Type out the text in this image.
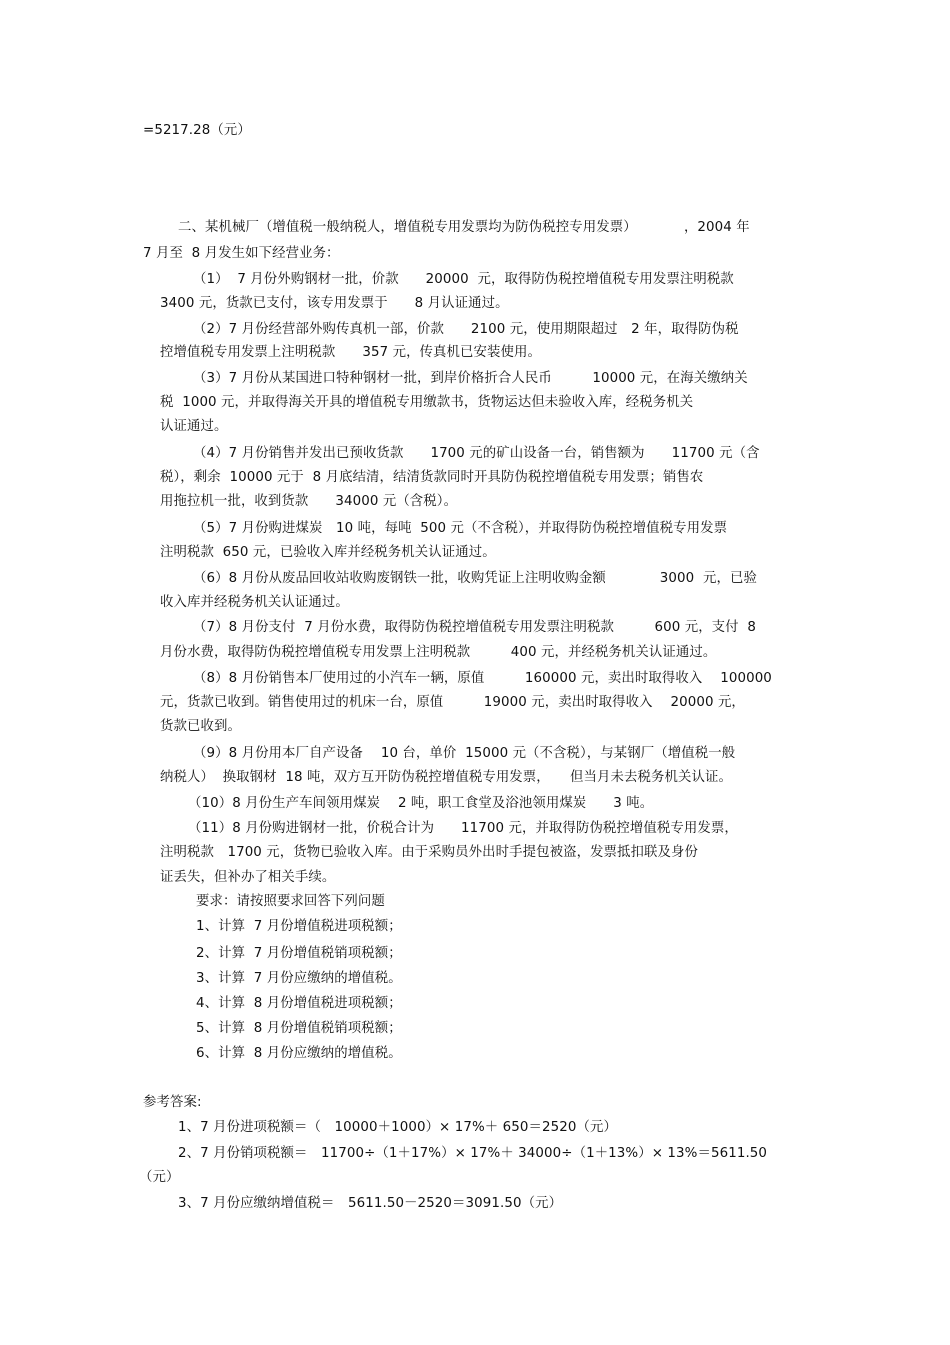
=5217.28（元）

二、某机械厂（增值税一般纳税人，增值税专用发票均为防伪税控专用发票）　　　　，2004 年

7 月至  8 月发生如下经营业务：

（1）  7 月份外购钢材一批，价款　　20000  元，取得防伪税控增值税专用发票注明税款

3400 元，货款已支付，该专用发票于　　8 月认证通过。

（2）7 月份经营部外购传真机一部，价款　　2100 元，使用期限超过　2 年，取得防伪税

控增值税专用发票上注明税款　　357 元，传真机已安装使用。

（3）7 月份从某国进口特种钢材一批，到岸价格折合人民币　　　10000 元，在海关缴纳关

税  1000 元，并取得海关开具的增值税专用缴款书，货物运达但未验收入库，经税务机关

认证通过。

（4）7 月份销售并发出已预收货款　　1700 元的矿山设备一台，销售额为　　11700 元（含

税），剩余  10000 元于  8 月底结清，结清货款同时开具防伪税控增值税专用发票；销售农

用拖拉机一批，收到货款　　34000 元（含税）。

（5）7 月份购进煤炭　10 吨，每吨  500 元（不含税），并取得防伪税控增值税专用发票

注明税款  650 元，已验收入库并经税务机关认证通过。

（6）8 月份从废品回收站收购废钢铁一批，收购凭证上注明收购金额　　　　3000  元，已验

收入库并经税务机关认证通过。

（7）8 月份支付  7 月份水费，取得防伪税控增值税专用发票注明税款　　　600 元，支付  8

月份水费，取得防伪税控增值税专用发票上注明税款　　　400 元，并经税务机关认证通过。

（8）8 月份销售本厂使用过的小汽车一辆，原值　　　160000 元，卖出时取得收入　 100000

元，货款已收到。销售使用过的机床一台，原值　　　19000 元，卖出时取得收入　 20000 元，

货款已收到。

（9）8 月份用本厂自产设备　 10 台，单价  15000 元（不含税），与某钢厂（增值税一般

纳税人）  换取钢材  18 吨，双方互开防伪税控增值税专用发票，　　但当月未去税务机关认证。

（10）8 月份生产车间领用煤炭　 2 吨，职工食堂及浴池领用煤炭　　3 吨。

（11）8 月份购进钢材一批，价税合计为　　11700 元，并取得防伪税控增值税专用发票，

注明税款　1700 元，货物已验收入库。由于采购员外出时手提包被盗，发票抵扣联及身份

证丢失，但补办了相关手续。

要求：请按照要求回答下列问题

1、计算  7 月份增值税进项税额；

2、计算  7 月份增值税销项税额；

3、计算  7 月份应缴纳的增值税。

4、计算  8 月份增值税进项税额；

5、计算  8 月份增值税销项税额；

6、计算  8 月份应缴纳的增值税。

参考答案:

1、7 月份进项税额＝（　10000＋1000）× 17%＋ 650＝2520（元）

2、7 月份销项税额＝　11700÷（1＋17%）× 17%＋ 34000÷（1＋13%）× 13%＝5611.50

（元）

3、7 月份应缴纳增值税＝　5611.50－2520＝3091.50（元）
